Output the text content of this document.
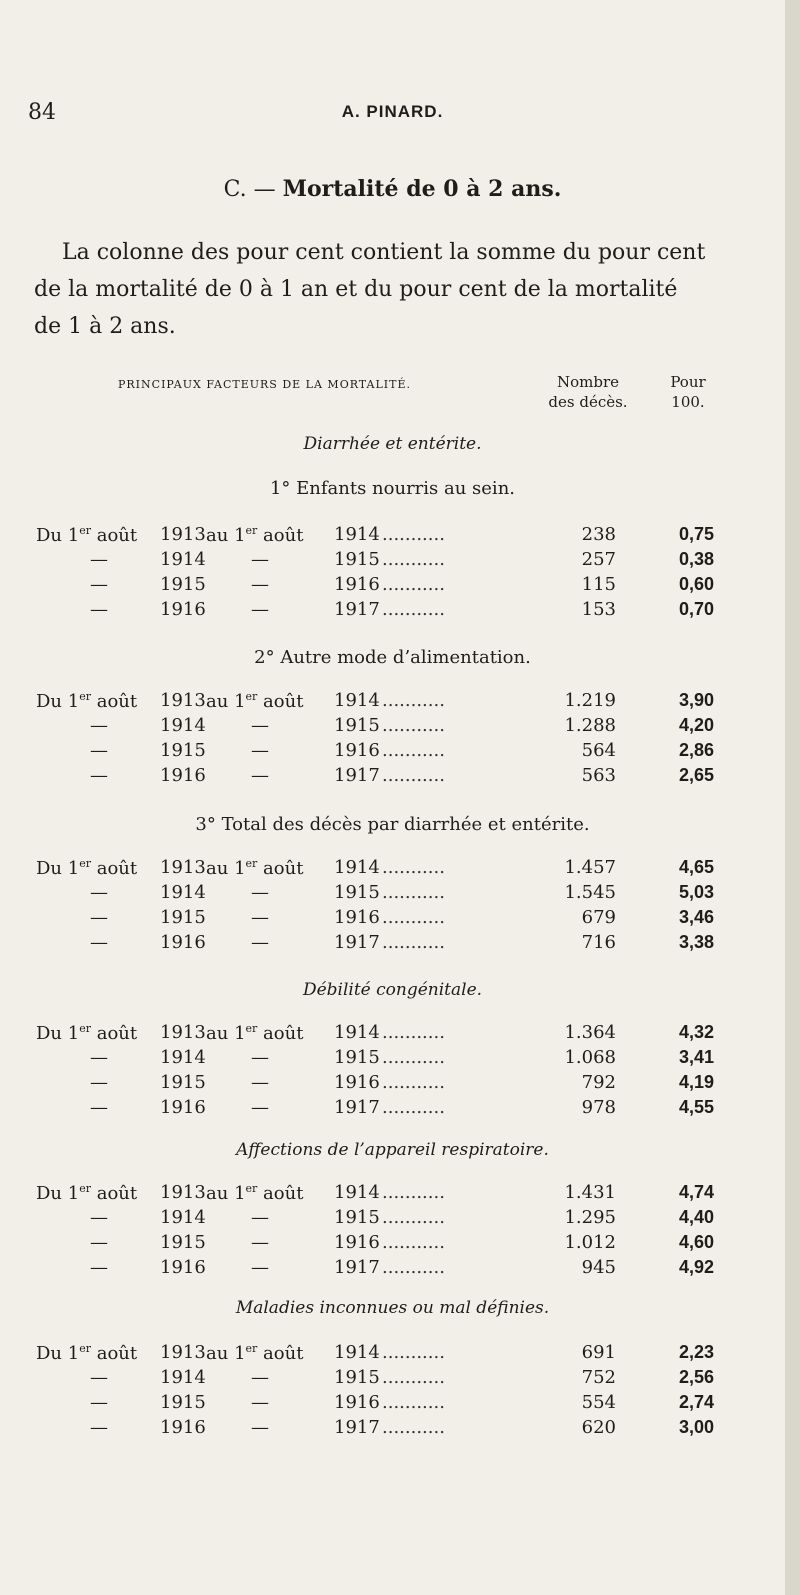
84	A. PINARD.
C. — Mortalité de 0 à 2 ans.
La colonne des pour cent contient la somme du pour cent
de la mortalité de 0 à 1 an et du pour cent de la mortalité
de 1 à 2 ans.
PRINCIPAUX FACTEURS DE LA MORTALITÉ.	Nombre
des décès.
Pour
100.
Diarrhée et entérite.
1° Enfants nourris au sein.
Du 1er août 1913 au 1er août 1914 ...........	238	0,75
—	1914	—	1915 ...........	257	0,38
—	1915	—	1916 ...........	115	0,60
—	1916	—	1917 ...........	153	0,70
2° Autre mode d’alimentation.
Du 1er août 1913 au 1er août 1914 ...........	1.219	3,90
—	1914	—	1915 ...........	1.288	4,20
—	1915	—	1916 ...........	564	2,86
—	1916	—	1917 ...........	563	2,65
3° Total des décès par diarrhée et entérite.
Du 1er août 1913 au 1er août 1914 ...........	1.457	4,65
—	1914	—	1915 ...........	1.545	5,03
—	1915	—	1916 ...........	679	3,46
—	1916	—	1917 ...........	716	3,38
Débilité congénitale.
Du 1er août 1913 au 1er août 1914 ...........	1.364	4,32
—	1914	—	1915 ...........	1.068	3,41
—	1915	—	1916 ...........	792	4,19
—	1916	—	1917 ...........	978	4,55
Affections de l’appareil respiratoire.
Du 1er août 1913 au 1er août 1914 ...........	1.431	4,74
—	1914	—	1915 ...........	1.295	4,40
—	1915	—	1916 ...........	1.012	4,60
—	1916	—	1917 ...........	945	4,92
Maladies inconnues ou mal définies.
Du 1er août 1913 au 1er août 1914 ...........	691	2,23
—	1914	—	1915 ...........	752	2,56
—	1915	—	1916 ...........	554	2,74
—	1916	—	1917 ...........	620	3,00
